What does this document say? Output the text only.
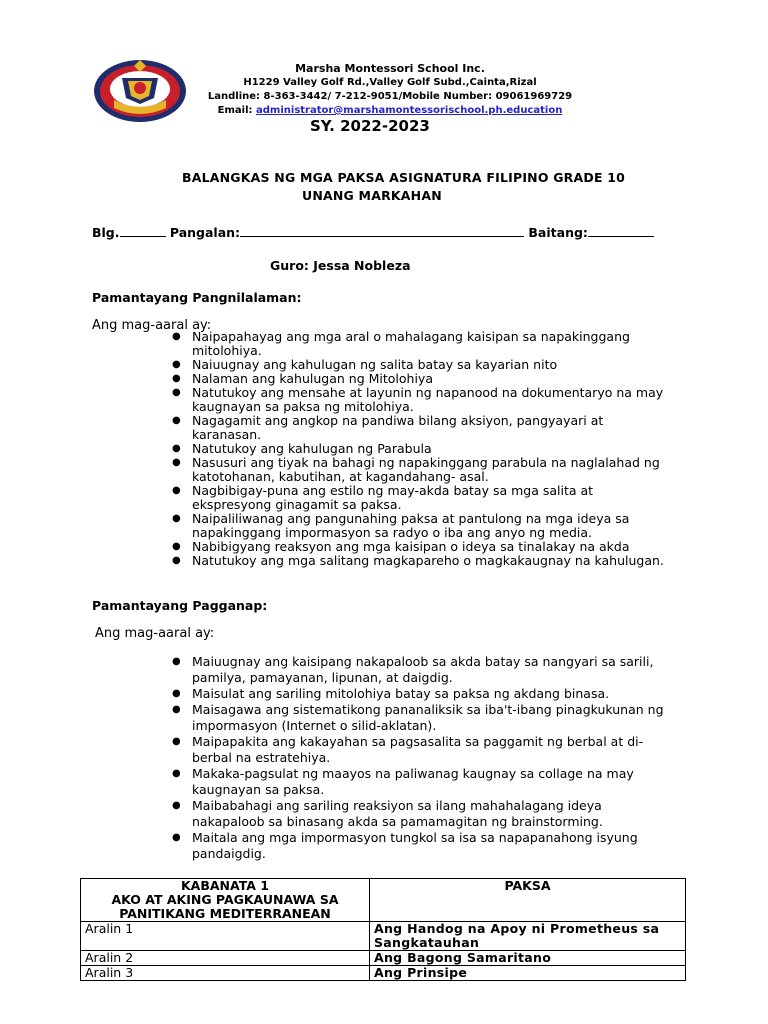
Marsha Montessori School Inc.
H1229 Valley Golf Rd.,Valley Golf Subd.,Cainta,Rizal
Landline: 8-363-3442/ 7-212-9051/Mobile Number: 09061969729
Email: administrator@marshamontessorischool.ph.education
SY. 2022-2023
BALANGKAS NG MGA PAKSA ASIGNATURA FILIPINO GRADE 10
UNANG MARKAHAN
Blg.	Pangalan:	Baitang:
Guro: Jessa Nobleza
Pamantayang Pangnilalaman:
Ang mag-aaral ay:
● Naipapahayag ang mga aral o mahalagang kaisipan sa napakinggang mitolohiya.
● Naiuugnay ang kahulugan ng salita batay sa kayarian nito
● Nalaman ang kahulugan ng Mitolohiya
● Natutukoy ang mensahe at layunin ng napanood na dokumentaryo na may kaugnayan sa paksa ng mitolohiya.
● Nagagamit ang angkop na pandiwa bilang aksiyon, pangyayari at karanasan.
● Natutukoy ang kahulugan ng Parabula
● Nasusuri ang tiyak na bahagi ng napakinggang parabula na naglalahad ng katotohanan, kabutihan, at kagandahang- asal.
● Nagbibigay-puna ang estilo ng may-akda batay sa mga salita at ekspresyong ginagamit sa paksa.
● Naipaliliwanag ang pangunahing paksa at pantulong na mga ideya sa napakinggang impormasyon sa radyo o iba ang anyo ng media.
● Nabibigyang reaksyon ang mga kaisipan o ideya sa tinalakay na akda
● Natutukoy ang mga salitang magkapareho o magkakaugnay na kahulugan.
Pamantayang Pagganap:
Ang mag-aaral ay:
● Maiuugnay ang kaisipang nakapaloob sa akda batay sa nangyari sa sarili, pamilya, pamayanan, lipunan, at daigdig.
● Maisulat ang sariling mitolohiya batay sa paksa ng akdang binasa.
● Maisagawa ang sistematikong pananaliksik sa iba't-ibang pinagkukunan ng impormasyon (Internet o silid-aklatan).
● Maipapakita ang kakayahan sa pagsasalita sa paggamit ng berbal at di-berbal na estratehiya.
● Makaka-pagsulat ng maayos na paliwanag kaugnay sa collage na may kaugnayan sa paksa.
● Maibabahagi ang sariling reaksiyon sa ilang mahahalagang ideya nakapaloob sa binasang akda sa pamamagitan ng brainstorming.
● Maitala ang mga impormasyon tungkol sa isa sa napapanahong isyung pandaigdig.
KABANATA 1
AKO AT AKING PAGKAUNAWA SA
PANITIKANG MEDITERRANEAN	PAKSA
Aralin 1	Ang Handog na Apoy ni Prometheus sa Sangkatauhan
Aralin 2	Ang Bagong Samaritano
Aralin 3	Ang Prinsipe
